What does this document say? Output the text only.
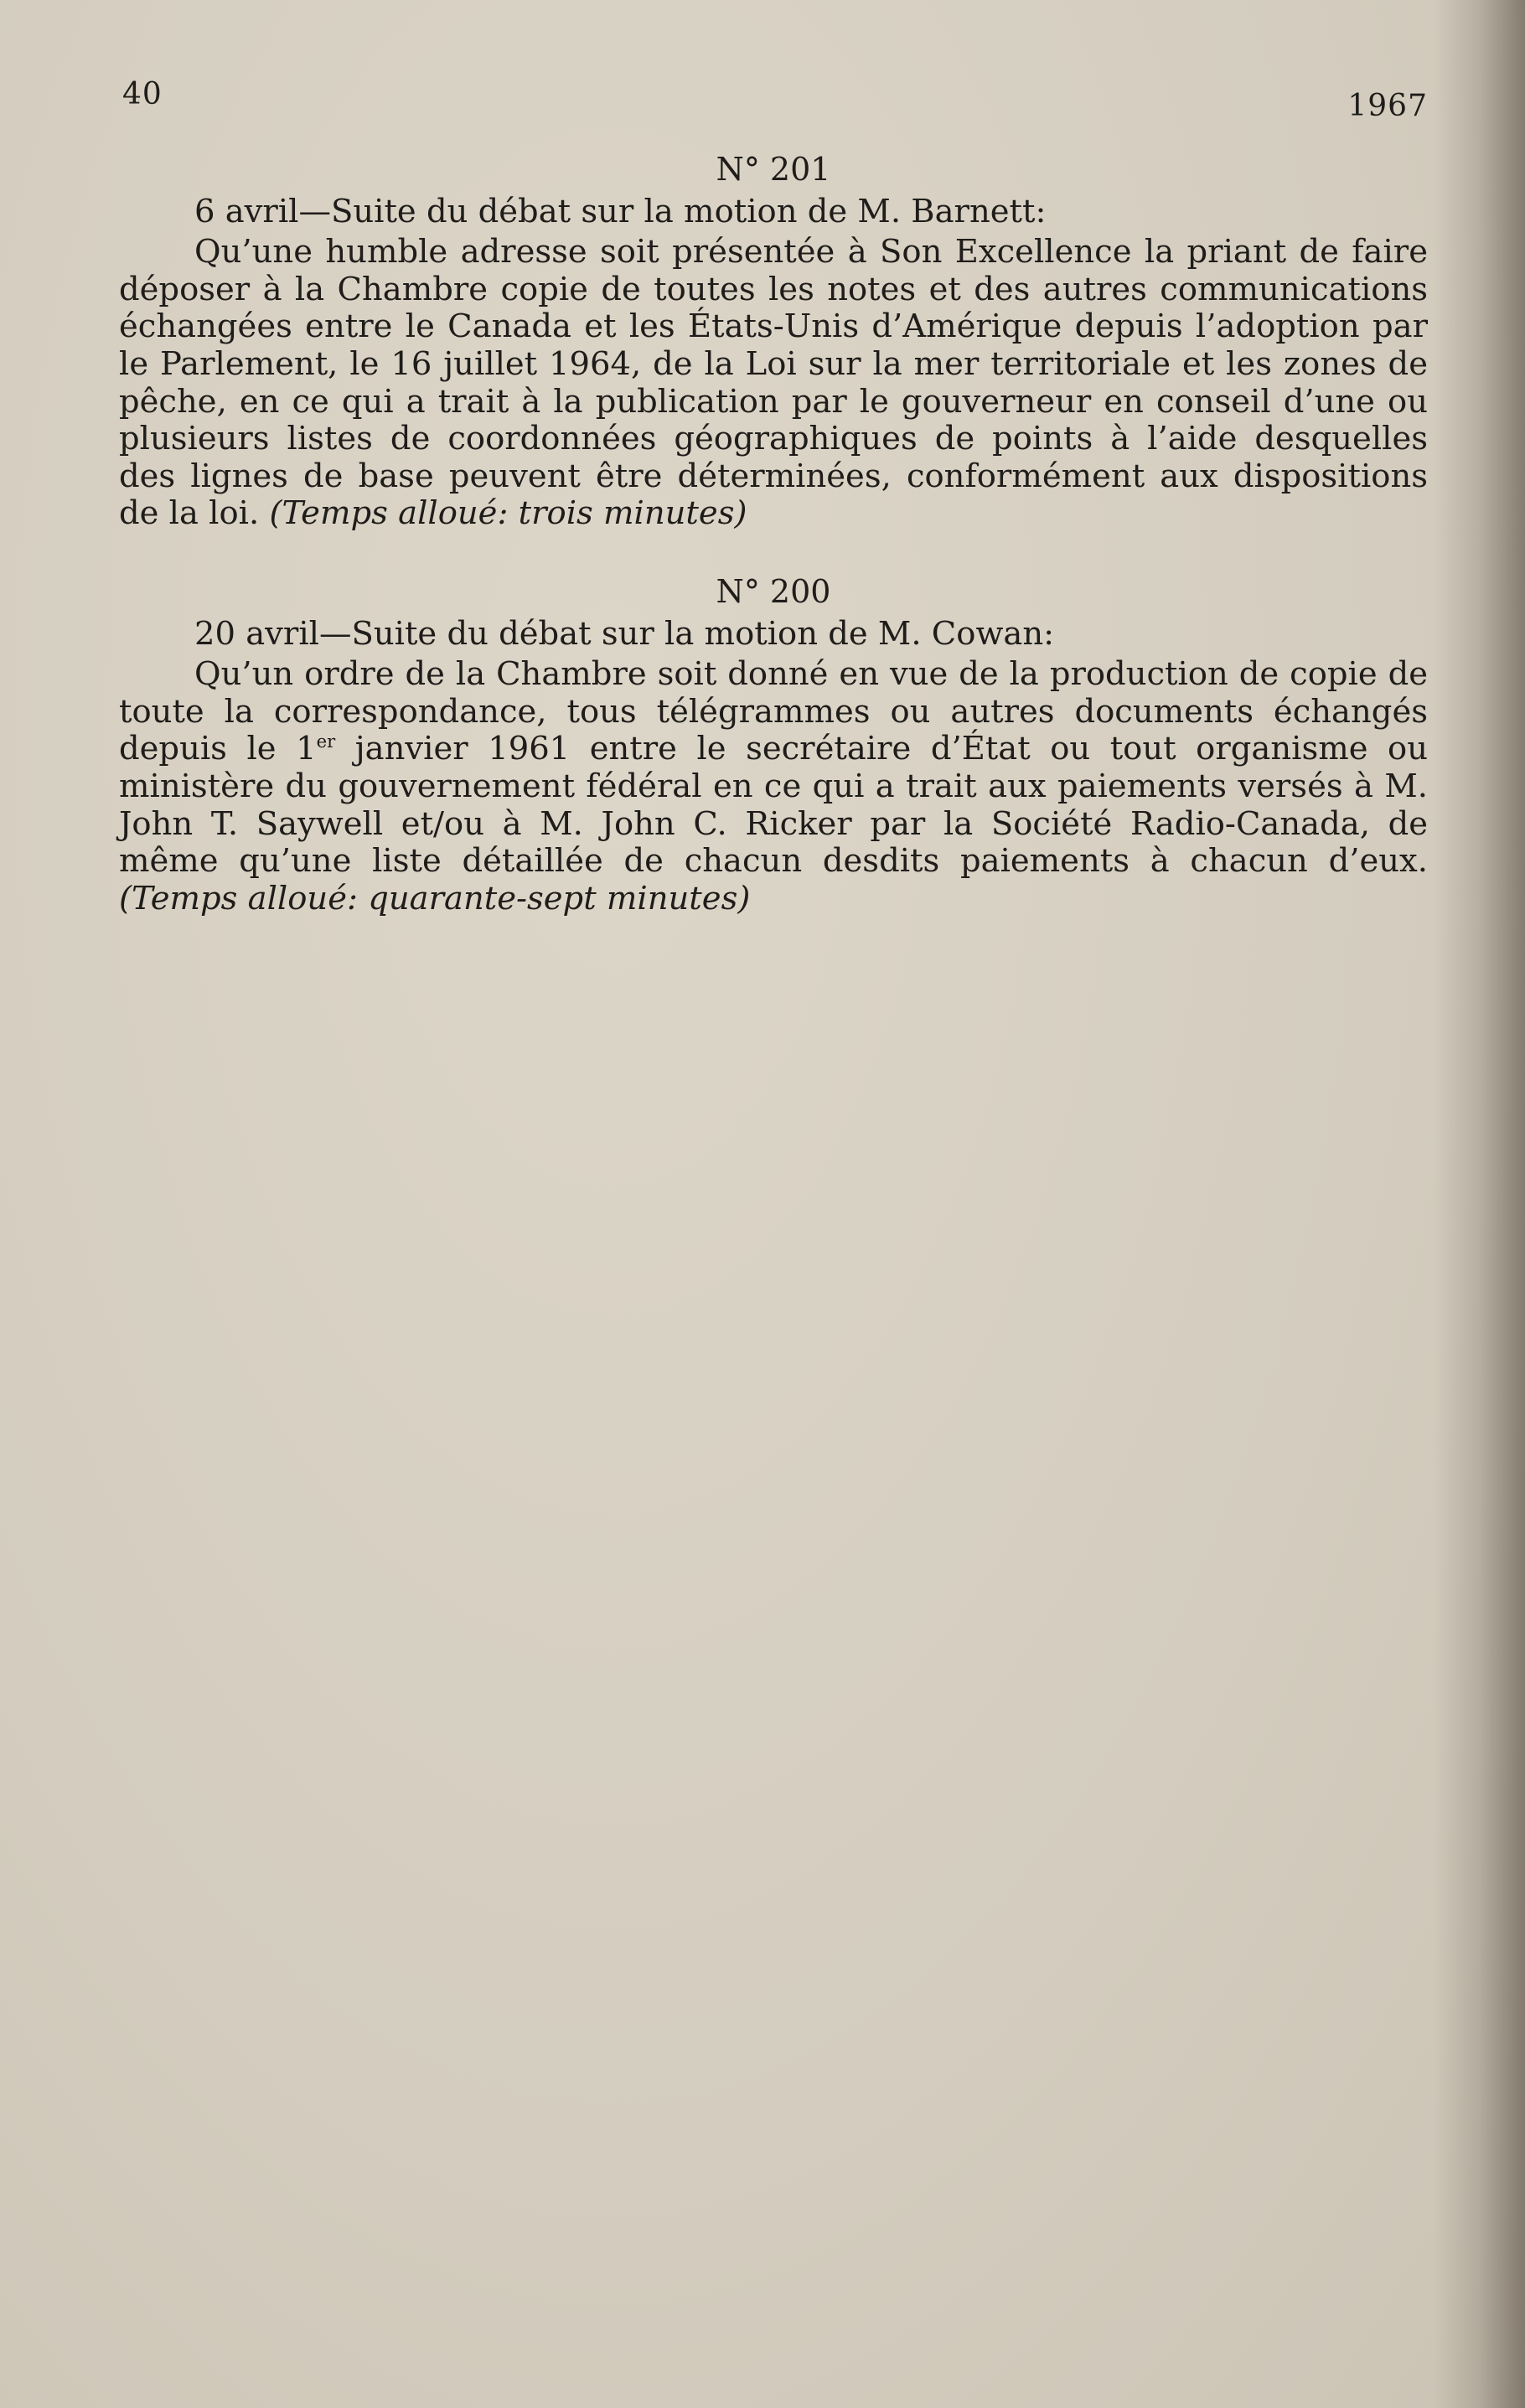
40	1967

N° 201

6 avril—Suite du débat sur la motion de M. Barnett:

Qu’une humble adresse soit présentée à Son Excellence la priant de faire déposer à la Chambre copie de toutes les notes et des autres communications échangées entre le Canada et les États-Unis d’Amérique depuis l’adoption par le Parlement, le 16 juillet 1964, de la Loi sur la mer territoriale et les zones de pêche, en ce qui a trait à la publication par le gouverneur en conseil d’une ou plusieurs listes de coordonnées géographiques de points à l’aide desquelles des lignes de base peuvent être déterminées, conformément aux dispositions de la loi. (Temps alloué: trois minutes)

N° 200

20 avril—Suite du débat sur la motion de M. Cowan:

Qu’un ordre de la Chambre soit donné en vue de la production de copie de toute la correspondance, tous télégrammes ou autres documents échangés depuis le 1er janvier 1961 entre le secrétaire d’État ou tout organisme ou ministère du gouvernement fédéral en ce qui a trait aux paiements versés à M. John T. Saywell et/ou à M. John C. Ricker par la Société Radio-Canada, de même qu’une liste détaillée de chacun desdits paiements à chacun d’eux. (Temps alloué: quarante-sept minutes)
